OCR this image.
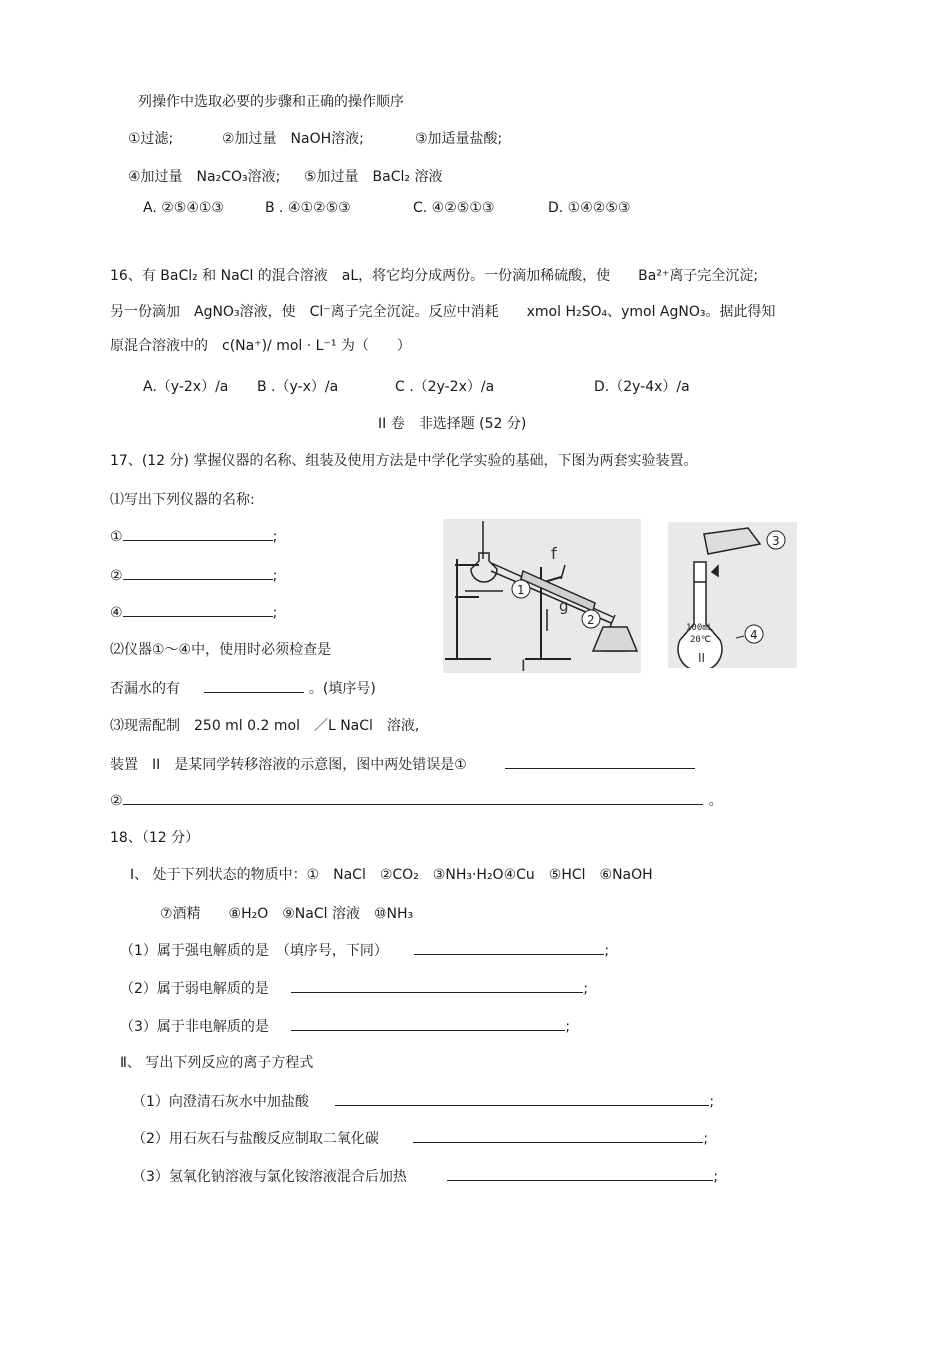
列操作中选取必要的步骤和正确的操作顺序
①过滤;	②加过量　NaOH溶液;	③加适量盐酸;
④加过量　Na₂CO₃溶液; ⑤加过量　BaCl₂ 溶液
A. ②⑤④①③	B . ④①②⑤③	C. ④②⑤①③	D. ①④②⑤③
16、有 BaCl₂ 和 NaCl 的混合溶液　aL，将它均分成两份。一份滴加稀硫酸，使　　Ba²⁺离子完全沉淀;
另一份滴加　AgNO₃溶液，使　Cl⁻离子完全沉淀。反应中消耗　　xmol H₂SO₄、ymol AgNO₃。据此得知
原混合溶液中的　c(Na⁺)/ mol · L⁻¹ 为（　　）
A.（y-2x）/a B .（y-x）/a	C .（2y-2x）/a	D.（2y-4x）/a
II 卷　非选择题 (52 分)
17、(12 分) 掌握仪器的名称、组装及使用方法是中学化学实验的基础，下图为两套实验装置。
⑴写出下列仪器的名称:
①	;
②	;
④	;
⑵仪器①～④中，使用时必须检查是
否漏水的有	。(填序号)
⑶现需配制　250 ml 0.2 mol　／L NaCl　溶液,
装置　II　是某同学转移溶液的示意图，图中两处错误是①
②	。
1
2
f
g
I
3
4
100mL
20℃
II
18、（12 分）
Ⅰ、 处于下列状态的物质中：①　NaCl　②CO₂　③NH₃·H₂O④Cu　⑤HCl　⑥NaOH
⑦酒精　　⑧H₂O　⑨NaCl 溶液　⑩NH₃
（1）属于强电解质的是　（填序号，下同）	;
（2）属于弱电解质的是	;
（3）属于非电解质的是	;
Ⅱ、 写出下列反应的离子方程式
（1）向澄清石灰水中加盐酸	;
（2）用石灰石与盐酸反应制取二氧化碳	;
（3）氢氧化钠溶液与氯化铵溶液混合后加热	;
